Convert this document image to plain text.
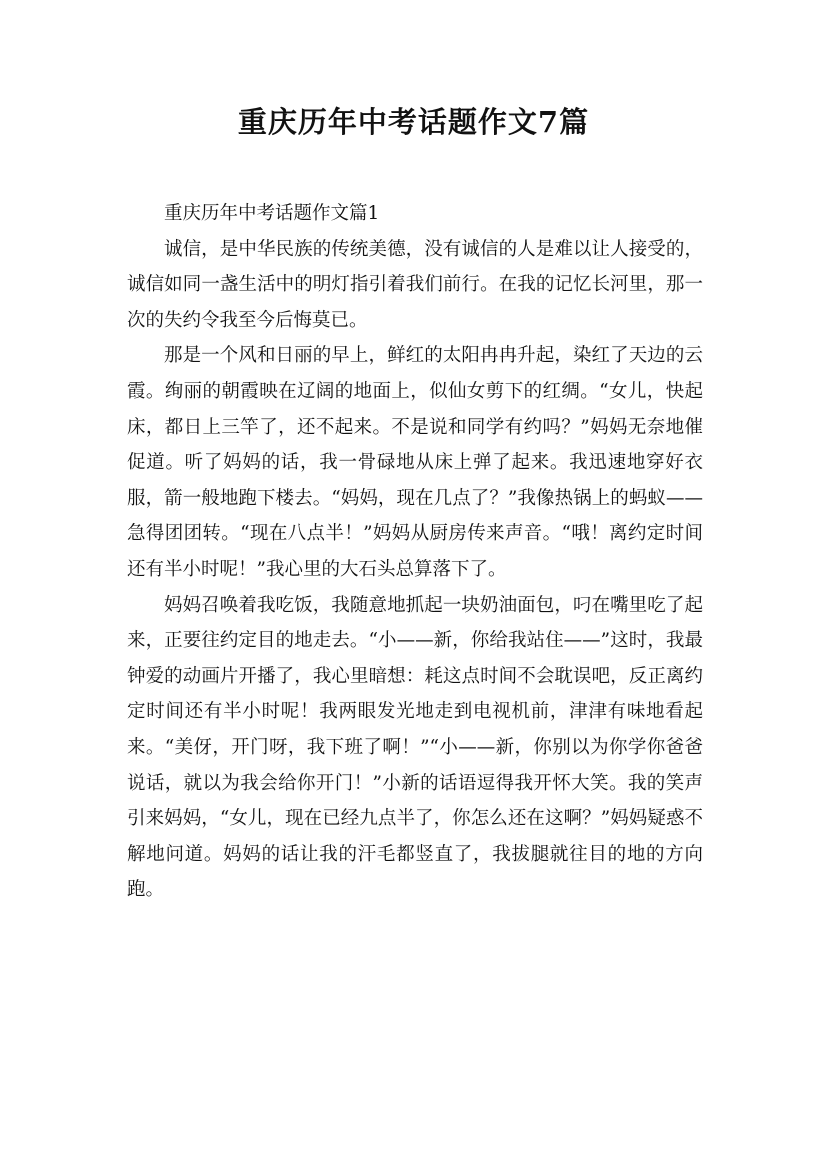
重庆历年中考话题作文7篇
重庆历年中考话题作文篇1

诚信，是中华民族的传统美德，没有诚信的人是难以让人接受的，诚信如同一盏生活中的明灯指引着我们前行。在我的记忆长河里，那一次的失约令我至今后悔莫已。

那是一个风和日丽的早上，鲜红的太阳冉冉升起，染红了天边的云霞。绚丽的朝霞映在辽阔的地面上，似仙女剪下的红绸。“女儿，快起床，都日上三竿了，还不起来。不是说和同学有约吗？”妈妈无奈地催促道。听了妈妈的话，我一骨碌地从床上弹了起来。我迅速地穿好衣服，箭一般地跑下楼去。“妈妈，现在几点了？”我像热锅上的蚂蚁——急得团团转。“现在八点半！”妈妈从厨房传来声音。“哦！离约定时间还有半小时呢！”我心里的大石头总算落下了。

妈妈召唤着我吃饭，我随意地抓起一块奶油面包，叼在嘴里吃了起来，正要往约定目的地走去。“小——新，你给我站住——”这时，我最钟爱的动画片开播了，我心里暗想：耗这点时间不会耽误吧，反正离约定时间还有半小时呢！我两眼发光地走到电视机前，津津有味地看起来。“美伢，开门呀，我下班了啊！”“小——新，你别以为你学你爸爸说话，就以为我会给你开门！”小新的话语逗得我开怀大笑。我的笑声引来妈妈，“女儿，现在已经九点半了，你怎么还在这啊？”妈妈疑惑不解地问道。妈妈的话让我的汗毛都竖直了，我拔腿就往目的地的方向跑。
